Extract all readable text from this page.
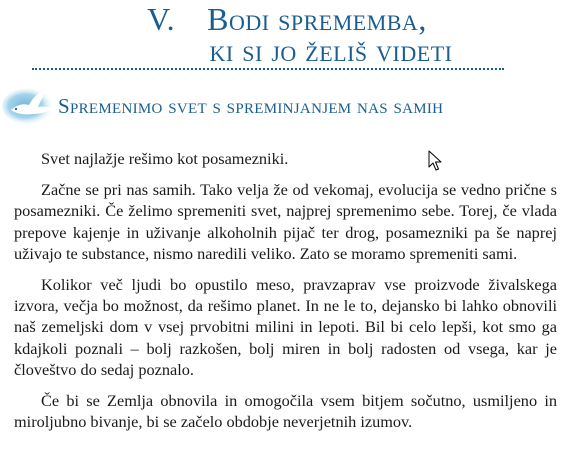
V. Bodi sprememba,
ki si jo želiš videti
Spremenimo svet s spreminjanjem nas samih

Svet najlažje rešimo kot posamezniki.

Začne se pri nas samih. Tako velja že od vekomaj, evolucija se vedno prične s posamezniki. Če želimo spremeniti svet, najprej spremenimo sebe. Torej, če vlada prepove kajenje in uživanje alkoholnih pijač ter drog, posamezniki pa še naprej uživajo te substance, nismo naredili veliko. Zato se moramo spremeniti sami.

Kolikor več ljudi bo opustilo meso, pravzaprav vse proizvode živalskega izvora, večja bo možnost, da rešimo planet. In ne le to, dejansko bi lahko obnovili naš zemeljski dom v vsej prvobitni milini in lepoti. Bil bi celo lepši, kot smo ga kdajkoli poznali – bolj razkošen, bolj miren in bolj radosten od vsega, kar je človeštvo do sedaj poznalo.

Če bi se Zemlja obnovila in omogočila vsem bitjem sočutno, usmiljeno in miroljubno bivanje, bi se začelo obdobje neverjetnih izumov.
